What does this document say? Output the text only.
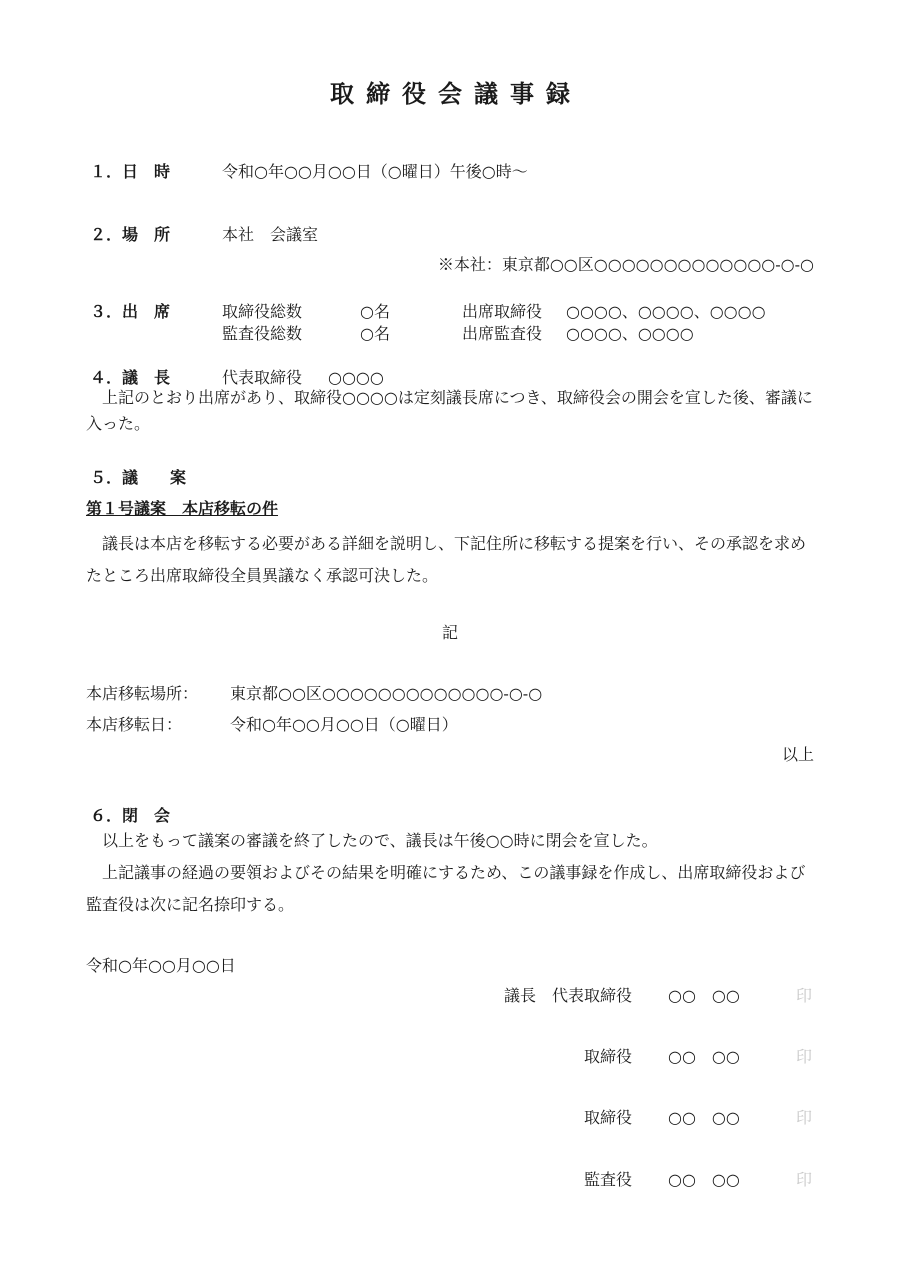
取締役会議事録
１．日　時	令和○年○○月○○日（○曜日）午後○時～
２．場　所	本社　会議室
※本社：東京都○○区○○○○○○○○○○○○○-○-○
３．出　席	取締役総数	○名	出席取締役 ○○○○、○○○○、○○○○
監査役総数	○名	出席監査役 ○○○○、○○○○
４．議　長	代表取締役 ○○○○
上記のとおり出席があり、取締役○○○○は定刻議長席につき、取締役会の開会を宣した後、審議に入った。
５．議　　案
第１号議案　本店移転の件
議長は本店を移転する必要がある詳細を説明し、下記住所に移転する提案を行い、その承認を求めたところ出席取締役全員異議なく承認可決した。
記
本店移転場所： 東京都○○区○○○○○○○○○○○○○-○-○
本店移転日：	令和○年○○月○○日（○曜日）
以上
６．閉　会
以上をもって議案の審議を終了したので、議長は午後○○時に閉会を宣した。
上記議事の経過の要領およびその結果を明確にするため、この議事録を作成し、出席取締役および監査役は次に記名捺印する。
令和○年○○月○○日
議長　代表取締役 ○○　○○	印
取締役 ○○　○○	印
取締役 ○○　○○	印
監査役 ○○　○○	印
